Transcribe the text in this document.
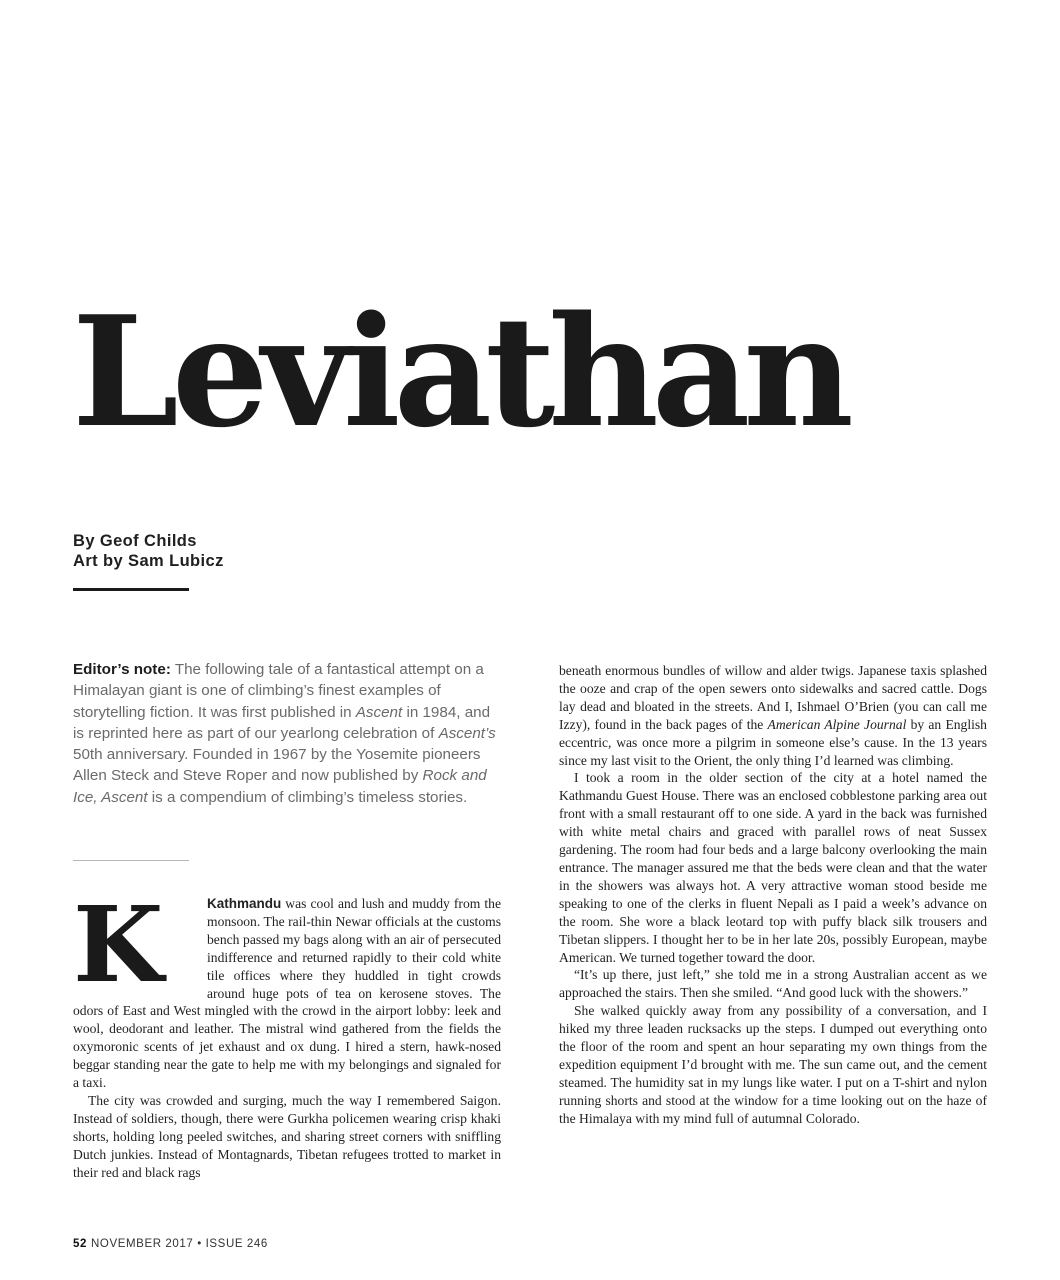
Leviathan
By Geof Childs
Art by Sam Lubicz
Editor’s note: The following tale of a fantastical attempt on a Himalayan giant is one of climbing’s finest examples of storytelling fiction. It was first published in Ascent in 1984, and is reprinted here as part of our yearlong celebration of Ascent’s 50th anniversary. Founded in 1967 by the Yosemite pioneers Allen Steck and Steve Roper and now published by Rock and Ice, Ascent is a compendium of climbing’s timeless stories.
K	Kathmandu was cool and lush and muddy from the monsoon. The rail-thin Newar officials at the customs bench passed my bags along with an air of persecuted indifference and returned rapidly to their cold white tile offices where they huddled in tight crowds around huge pots of tea on kerosene stoves. The odors of East and West mingled with the crowd in the airport lobby: leek and wool, deodorant and leather. The mistral wind gathered from the fields the oxymoronic scents of jet exhaust and ox dung. I hired a stern, hawk-nosed beggar standing near the gate to help me with my belongings and signaled for a taxi.

The city was crowded and surging, much the way I remembered Saigon. Instead of soldiers, though, there were Gurkha policemen wearing crisp khaki shorts, holding long peeled switches, and sharing street corners with sniffling Dutch junkies. Instead of Montagnards, Tibetan refugees trotted to market in their red and black rags

beneath enormous bundles of willow and alder twigs. Japanese taxis splashed the ooze and crap of the open sewers onto sidewalks and sacred cattle. Dogs lay dead and bloated in the streets. And I, Ishmael O’Brien (you can call me Izzy), found in the back pages of the American Alpine Journal by an English eccentric, was once more a pilgrim in someone else’s cause. In the 13 years since my last visit to the Orient, the only thing I’d learned was climbing.

I took a room in the older section of the city at a hotel named the Kathmandu Guest House. There was an enclosed cobblestone parking area out front with a small restaurant off to one side. A yard in the back was furnished with white metal chairs and graced with parallel rows of neat Sussex gardening. The room had four beds and a large balcony overlooking the main entrance. The manager assured me that the beds were clean and that the water in the showers was always hot. A very attractive woman stood beside me speaking to one of the clerks in fluent Nepali as I paid a week’s advance on the room. She wore a black leotard top with puffy black silk trousers and Tibetan slippers. I thought her to be in her late 20s, possibly European, maybe American. We turned together toward the door.

“It’s up there, just left,” she told me in a strong Australian accent as we approached the stairs. Then she smiled. “And good luck with the showers.”

She walked quickly away from any possibility of a conversation, and I hiked my three leaden rucksacks up the steps. I dumped out everything onto the floor of the room and spent an hour separating my own things from the expedition equipment I’d brought with me. The sun came out, and the cement steamed. The humidity sat in my lungs like water. I put on a T-shirt and nylon running shorts and stood at the window for a time looking out on the haze of the Himalaya with my mind full of autumnal Colorado.

52 NOVEMBER 2017 • ISSUE 246
